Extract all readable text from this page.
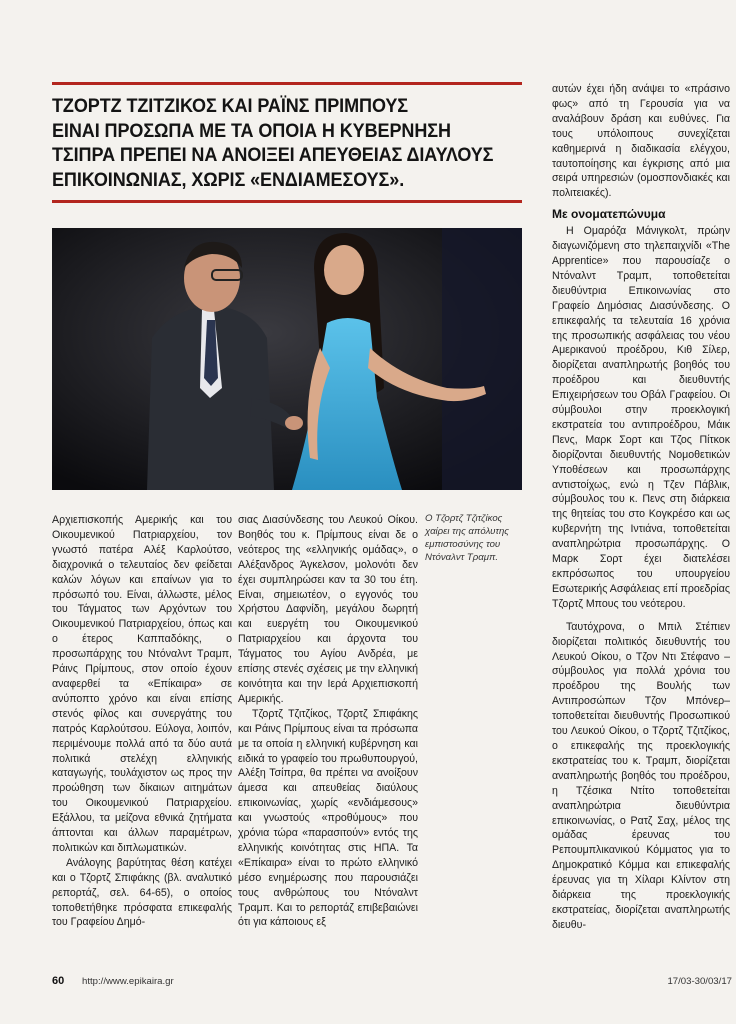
ΤΖΟΡΤΖ ΤΖΙΤΖΙΚΟΣ ΚΑΙ ΡΑΪΝΣ ΠΡΙΜΠΟΥΣ
ΕΙΝΑΙ ΠΡΟΣΩΠΑ ΜΕ ΤΑ ΟΠΟΙΑ Η ΚΥΒΕΡΝΗΣΗ
ΤΣΙΠΡΑ ΠΡΕΠΕΙ ΝΑ ΑΝΟΙΞΕΙ ΑΠΕΥΘΕΙΑΣ ΔΙΑΥΛΟΥΣ
ΕΠΙΚΟΙΝΩΝΙΑΣ, ΧΩΡΙΣ «ΕΝΔΙΑΜΕΣΟΥΣ».
Ο Τζορτζ Τζιτζίκος χαίρει της απόλυτης εμπιστοσύνης του Ντόναλντ Τραμπ.

Αρχιεπισκοπής Αμερικής και του Οικουμενικού Πατριαρχείου, τον γνωστό πατέρα Αλέξ Καρλούτσο, διαχρονικά ο τελευταίος δεν φείδεται καλών λόγων και επαίνων για το πρόσωπό του. Είναι, άλλωστε, μέλος του Τάγματος των Αρχόντων του Οικουμενικού Πατριαρχείου, όπως και ο έτερος Καππαδόκης, ο προσωπάρχης του Ντόναλντ Τραμπ, Ράινς Πρίμπους, στον οποίο έχουν αναφερθεί τα «Επίκαιρα» σε ανύποπτο χρόνο και είναι επίσης στενός φίλος και συνεργάτης του πατρός Καρλούτσου. Εύλογα, λοιπόν, περιμένουμε πολλά από τα δύο αυτά πολιτικά στελέχη ελληνικής καταγωγής, τουλάχιστον ως προς την προώθηση των δίκαιων αιτημάτων του Οικουμενικού Πατριαρχείου. Εξάλλου, τα μείζονα εθνικά ζητήματα άπτονται και άλλων παραμέτρων, πολιτικών και διπλωματικών.

Ανάλογης βαρύτητας θέση κατέχει και ο Τζορτζ Σπιφάκης (βλ. αναλυτικό ρεπορτάζ, σελ. 64-65), ο οποίος τοποθετήθηκε πρόσφατα επικεφαλής του Γραφείου Δημό-

σιας Διασύνδεσης του Λευκού Οίκου. Βοηθός του κ. Πρίμπους είναι δε ο νεότερος της «ελληνικής ομάδας», ο Αλέξανδρος Άγκελσον, μολονότι δεν έχει συμπληρώσει καν τα 30 του έτη. Είναι, σημειωτέον, ο εγγονός του Χρήστου Δαφνίδη, μεγάλου δωρητή και ευεργέτη του Οικουμενικού Πατριαρχείου και άρχοντα του Τάγματος του Αγίου Ανδρέα, με επίσης στενές σχέσεις με την ελληνική κοινότητα και την Ιερά Αρχιεπισκοπή Αμερικής.

Τζορτζ Τζιτζίκος, Τζορτζ Σπιφάκης και Ράινς Πρίμπους είναι τα πρόσωπα με τα οποία η ελληνική κυβέρνηση και ειδικά το γραφείο του πρωθυπουργού, Αλέξη Τσίπρα, θα πρέπει να ανοίξουν άμεσα και απευθείας διαύλους επικοινωνίας, χωρίς «ενδιάμεσους» και γνωστούς «προθύμους» που χρόνια τώρα «παρασιτούν» εντός της ελληνικής κοινότητας στις ΗΠΑ. Τα «Επίκαιρα» είναι το πρώτο ελληνικό μέσο ενημέρωσης που παρουσιάζει τους ανθρώπους του Ντόναλντ Τραμπ. Και το ρεπορτάζ επιβεβαιώνει ότι για κάποιους εξ

αυτών έχει ήδη ανάψει το «πράσινο φως» από τη Γερουσία για να αναλάβουν δράση και ευθύνες. Για τους υπόλοιπους συνεχίζεται καθημερινά η διαδικασία ελέγχου, ταυτοποίησης και έγκρισης από μια σειρά υπηρεσιών (ομοσπονδιακές και πολιτειακές).

Με ονοματεπώνυμα

Η Ομαρόζα Μάνιγκολτ, πρώην διαγωνιζόμενη στο τηλεπαιχνίδι «The Apprentice» που παρουσίαζε ο Ντόναλντ Τραμπ, τοποθετείται διευθύντρια Επικοινωνίας στο Γραφείο Δημόσιας Διασύνδεσης. Ο επικεφαλής τα τελευταία 16 χρόνια της προσωπικής ασφάλειας του νέου Αμερικανού προέδρου, Κιθ Σίλερ, διορίζεται αναπληρωτής βοηθός του προέδρου και διευθυντής Επιχειρήσεων του Οβάλ Γραφείου. Οι σύμβουλοι στην προεκλογική εκστρατεία του αντιπροέδρου, Μάικ Πενς, Μαρκ Σορτ και Τζος Πίτκοκ διορίζονται διευθυντής Νομοθετικών Υποθέσεων και προσωπάρχης αντιστοίχως, ενώ η Τζεν Πάβλικ, σύμβουλος του κ. Πενς στη διάρκεια της θητείας του στο Κογκρέσο και ως κυβερνήτη της Ιντιάνα, τοποθετείται αναπληρώτρια προσωπάρχης. Ο Μαρκ Σορτ έχει διατελέσει εκπρόσωπος του υπουργείου Εσωτερικής Ασφάλειας επί προεδρίας Τζορτζ Μπους του νεότερου.

Ταυτόχρονα, ο Μπιλ Στέπιεν διορίζεται πολιτικός διευθυντής του Λευκού Οίκου, ο Τζον Ντι Στέφανο –σύμβουλος για πολλά χρόνια του προέδρου της Βουλής των Αντιπροσώπων Τζον Μπόνερ– τοποθετείται διευθυντής Προσωπικού του Λευκού Οίκου, ο Τζορτζ Τζιτζίκος, ο επικεφαλής της προεκλογικής εκστρατείας του κ. Τραμπ, διορίζεται αναπληρωτής βοηθός του προέδρου, η Τζέσικα Ντίτο τοποθετείται αναπληρώτρια διευθύντρια επικοινωνίας, ο Ρατζ Σαχ, μέλος της ομάδας έρευνας του Ρεπουμπλικανικού Κόμματος για το Δημοκρατικό Κόμμα και επικεφαλής έρευνας για τη Χίλαρι Κλίντον στη διάρκεια της προεκλογικής εκστρατείας, διορίζεται αναπληρωτής διευθυ-

60 http://www.epikaira.gr	17/03-30/03/17
